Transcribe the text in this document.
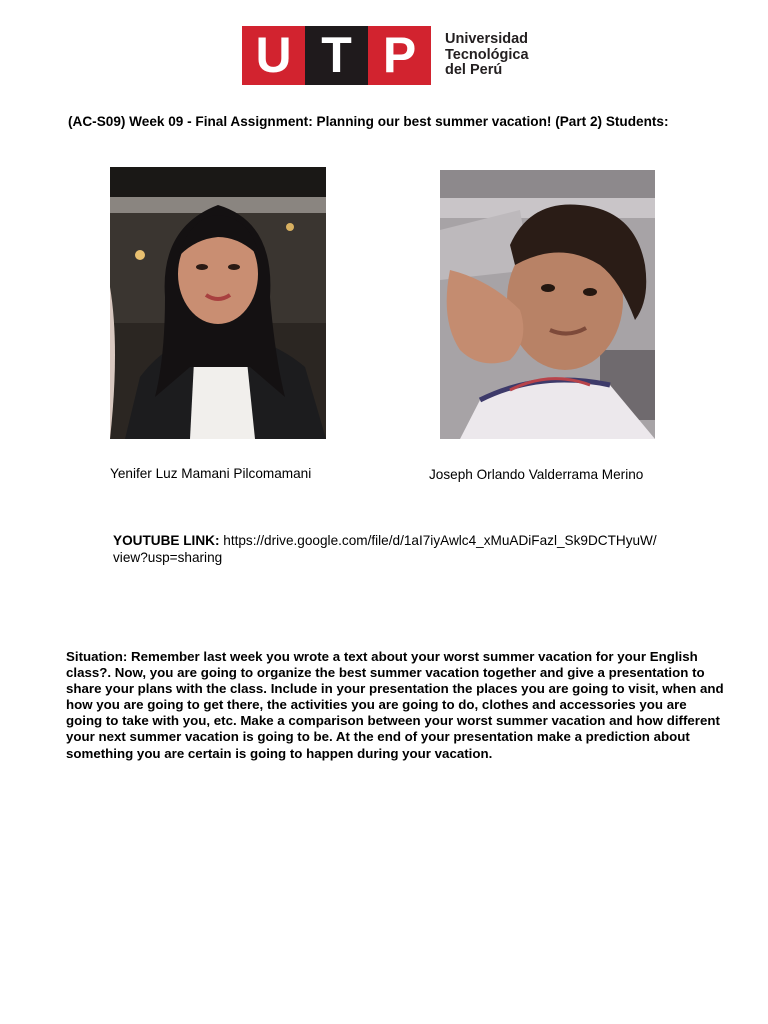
U T P	Universidad
Tecnológica
del Perú
(AC-S09) Week 09 - Final Assignment: Planning our best summer vacation! (Part 2) Students:
Yenifer Luz Mamani Pilcomamani	Joseph Orlando Valderrama Merino
YOUTUBE LINK: https://drive.google.com/file/d/1aI7iyAwlc4_xMuADiFazl_Sk9DCTHyuW/
view?usp=sharing
Situation: Remember last week you wrote a text about your worst summer vacation for your English class?. Now, you are going to organize the best summer vacation together and give a presentation to share your plans with the class. Include in your presentation the places you are going to visit, when and how you are going to get there, the activities you are going to do, clothes and accessories you are going to take with you, etc. Make a comparison between your worst summer vacation and how different your next summer vacation is going to be. At the end of your presentation make a prediction about something you are certain is going to happen during your vacation.
